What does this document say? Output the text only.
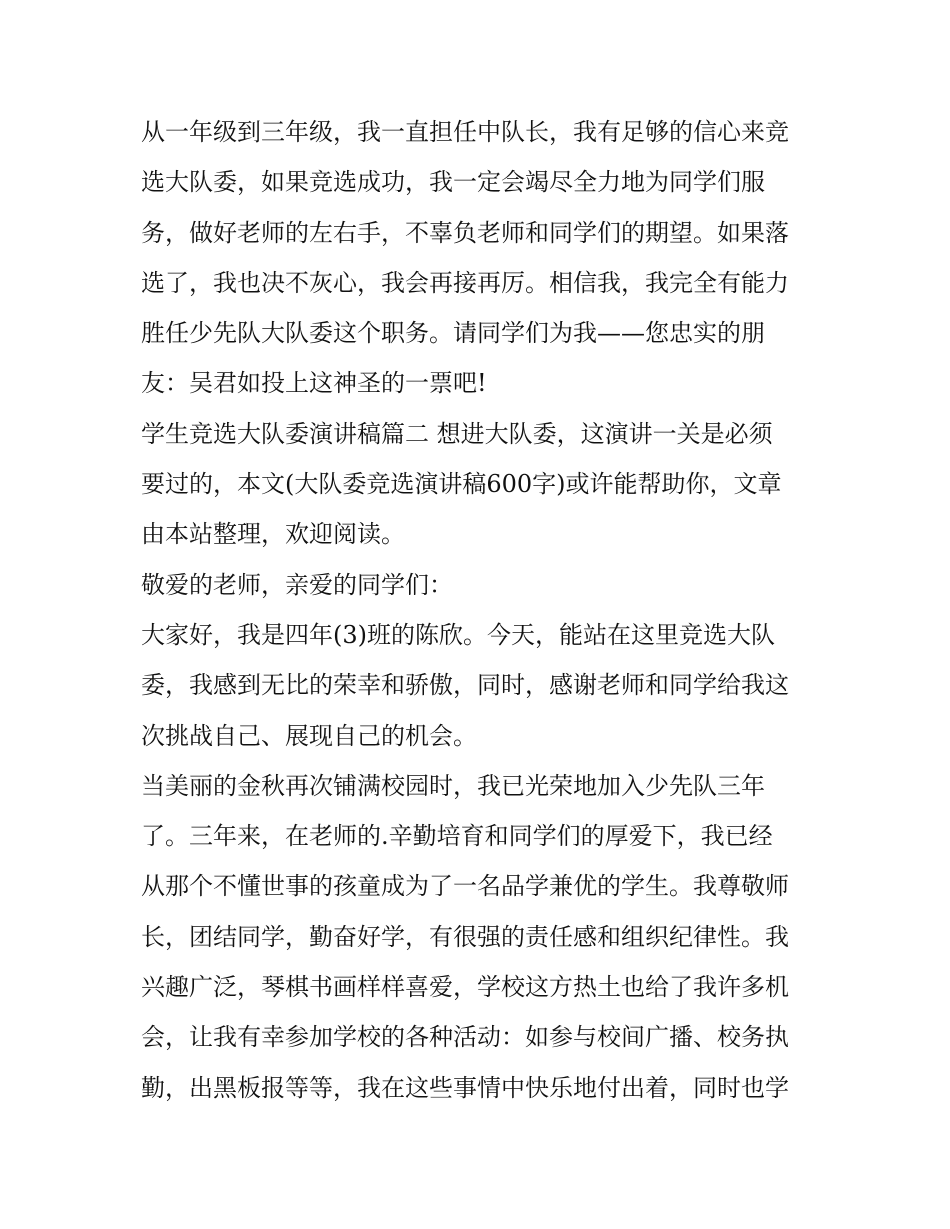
从一年级到三年级，我一直担任中队长，我有足够的信心来竞
选大队委，如果竞选成功，我一定会竭尽全力地为同学们服
务，做好老师的左右手，不辜负老师和同学们的期望。如果落
选了，我也决不灰心，我会再接再厉。相信我，我完全有能力
胜任少先队大队委这个职务。请同学们为我——您忠实的朋
友：吴君如投上这神圣的一票吧!
学生竞选大队委演讲稿篇二 想进大队委，这演讲一关是必须
要过的，本文(大队委竞选演讲稿600字)或许能帮助你，文章
由本站整理，欢迎阅读。
敬爱的老师，亲爱的同学们：
大家好，我是四年(3)班的陈欣。今天，能站在这里竞选大队
委，我感到无比的荣幸和骄傲，同时，感谢老师和同学给我这
次挑战自己、展现自己的机会。
当美丽的金秋再次铺满校园时，我已光荣地加入少先队三年
了。三年来，在老师的.辛勤培育和同学们的厚爱下，我已经
从那个不懂世事的孩童成为了一名品学兼优的学生。我尊敬师
长，团结同学，勤奋好学，有很强的责任感和组织纪律性。我
兴趣广泛，琴棋书画样样喜爱，学校这方热土也给了我许多机
会，让我有幸参加学校的各种活动：如参与校间广播、校务执
勤，出黑板报等等，我在这些事情中快乐地付出着，同时也学
